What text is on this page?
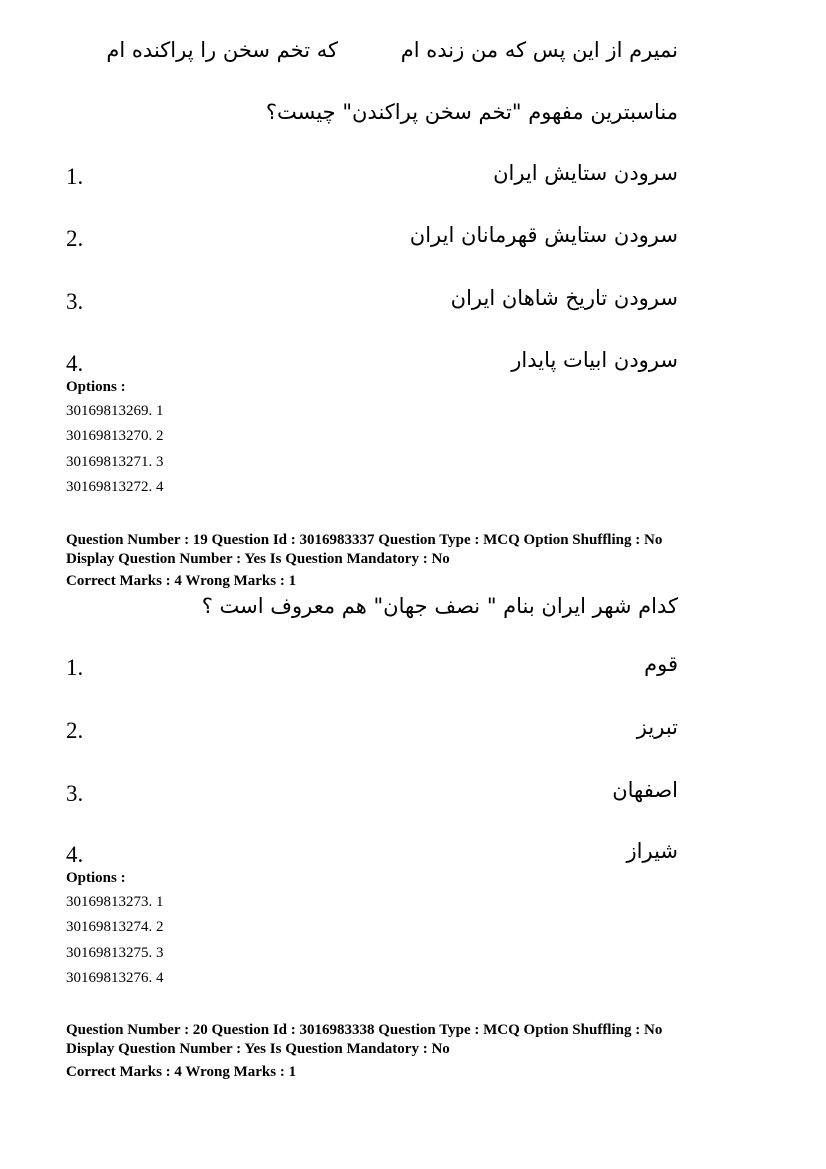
نمیرم از این پس که من زنده ام
که تخم سخن را پراکنده ام
مناسبترین مفهوم "تخم سخن پراکندن" چیست؟
سرودن ستایش ایران
1.
سرودن ستایش قهرمانان ایران
2.
سرودن تاریخ شاهان ایران
3.
سرودن ابیات پایدار
4.
Options :
30169813269. 1
30169813270. 2
30169813271. 3
30169813272. 4
Question Number : 19 Question Id : 3016983337 Question Type : MCQ Option Shuffling : No
Display Question Number : Yes Is Question Mandatory : No
Correct Marks : 4 Wrong Marks : 1
کدام شهر ایران بنام " نصف جهان" هم معروف است ؟
قوم
1.
تبریز
2.
اصفهان
3.
شیراز
4.
Options :
30169813273. 1
30169813274. 2
30169813275. 3
30169813276. 4
Question Number : 20 Question Id : 3016983338 Question Type : MCQ Option Shuffling : No
Display Question Number : Yes Is Question Mandatory : No
Correct Marks : 4 Wrong Marks : 1
